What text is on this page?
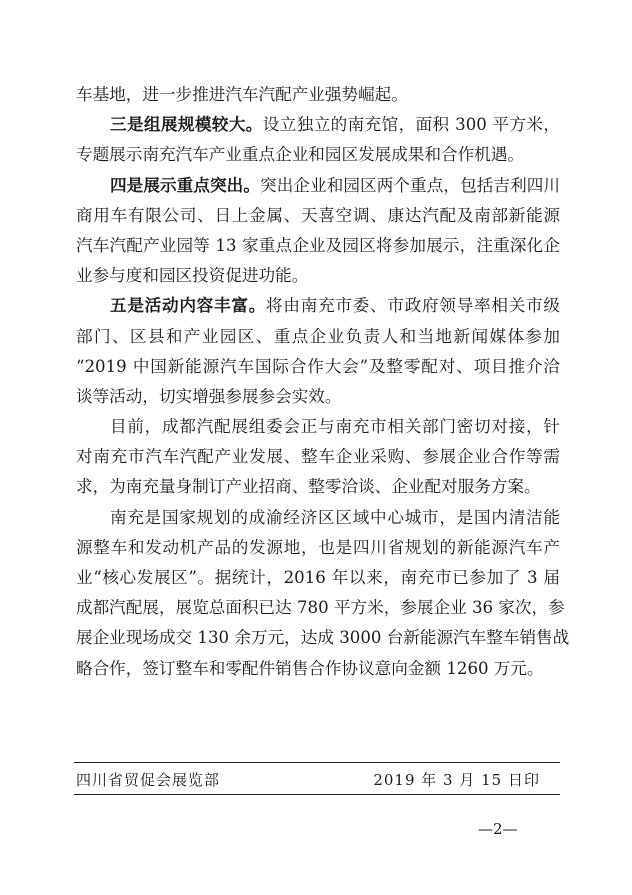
车基地，进一步推进汽车汽配产业强势崛起。
三是组展规模较大。设立独立的南充馆，面积 300 平方米，
专题展示南充汽车产业重点企业和园区发展成果和合作机遇。
四是展示重点突出。突出企业和园区两个重点，包括吉利四川
商用车有限公司、日上金属、天喜空调、康达汽配及南部新能源
汽车汽配产业园等 13 家重点企业及园区将参加展示，注重深化企
业参与度和园区投资促进功能。
五是活动内容丰富。将由南充市委、市政府领导率相关市级
部门、区县和产业园区、重点企业负责人和当地新闻媒体参加
“2019 中国新能源汽车国际合作大会”及整零配对、项目推介洽
谈等活动，切实增强参展参会实效。
目前，成都汽配展组委会正与南充市相关部门密切对接，针
对南充市汽车汽配产业发展、整车企业采购、参展企业合作等需
求，为南充量身制订产业招商、整零洽谈、企业配对服务方案。
南充是国家规划的成渝经济区区域中心城市，是国内清洁能
源整车和发动机产品的发源地，也是四川省规划的新能源汽车产
业“核心发展区”。据统计，2016 年以来，南充市已参加了 3 届
成都汽配展，展览总面积已达 780 平方米，参展企业 36 家次，参
展企业现场成交 130 余万元，达成 3000 台新能源汽车整车销售战
略合作，签订整车和零配件销售合作协议意向金额 1260 万元。
四川省贸促会展览部	2019 年 3 月 15 日印
—2—
